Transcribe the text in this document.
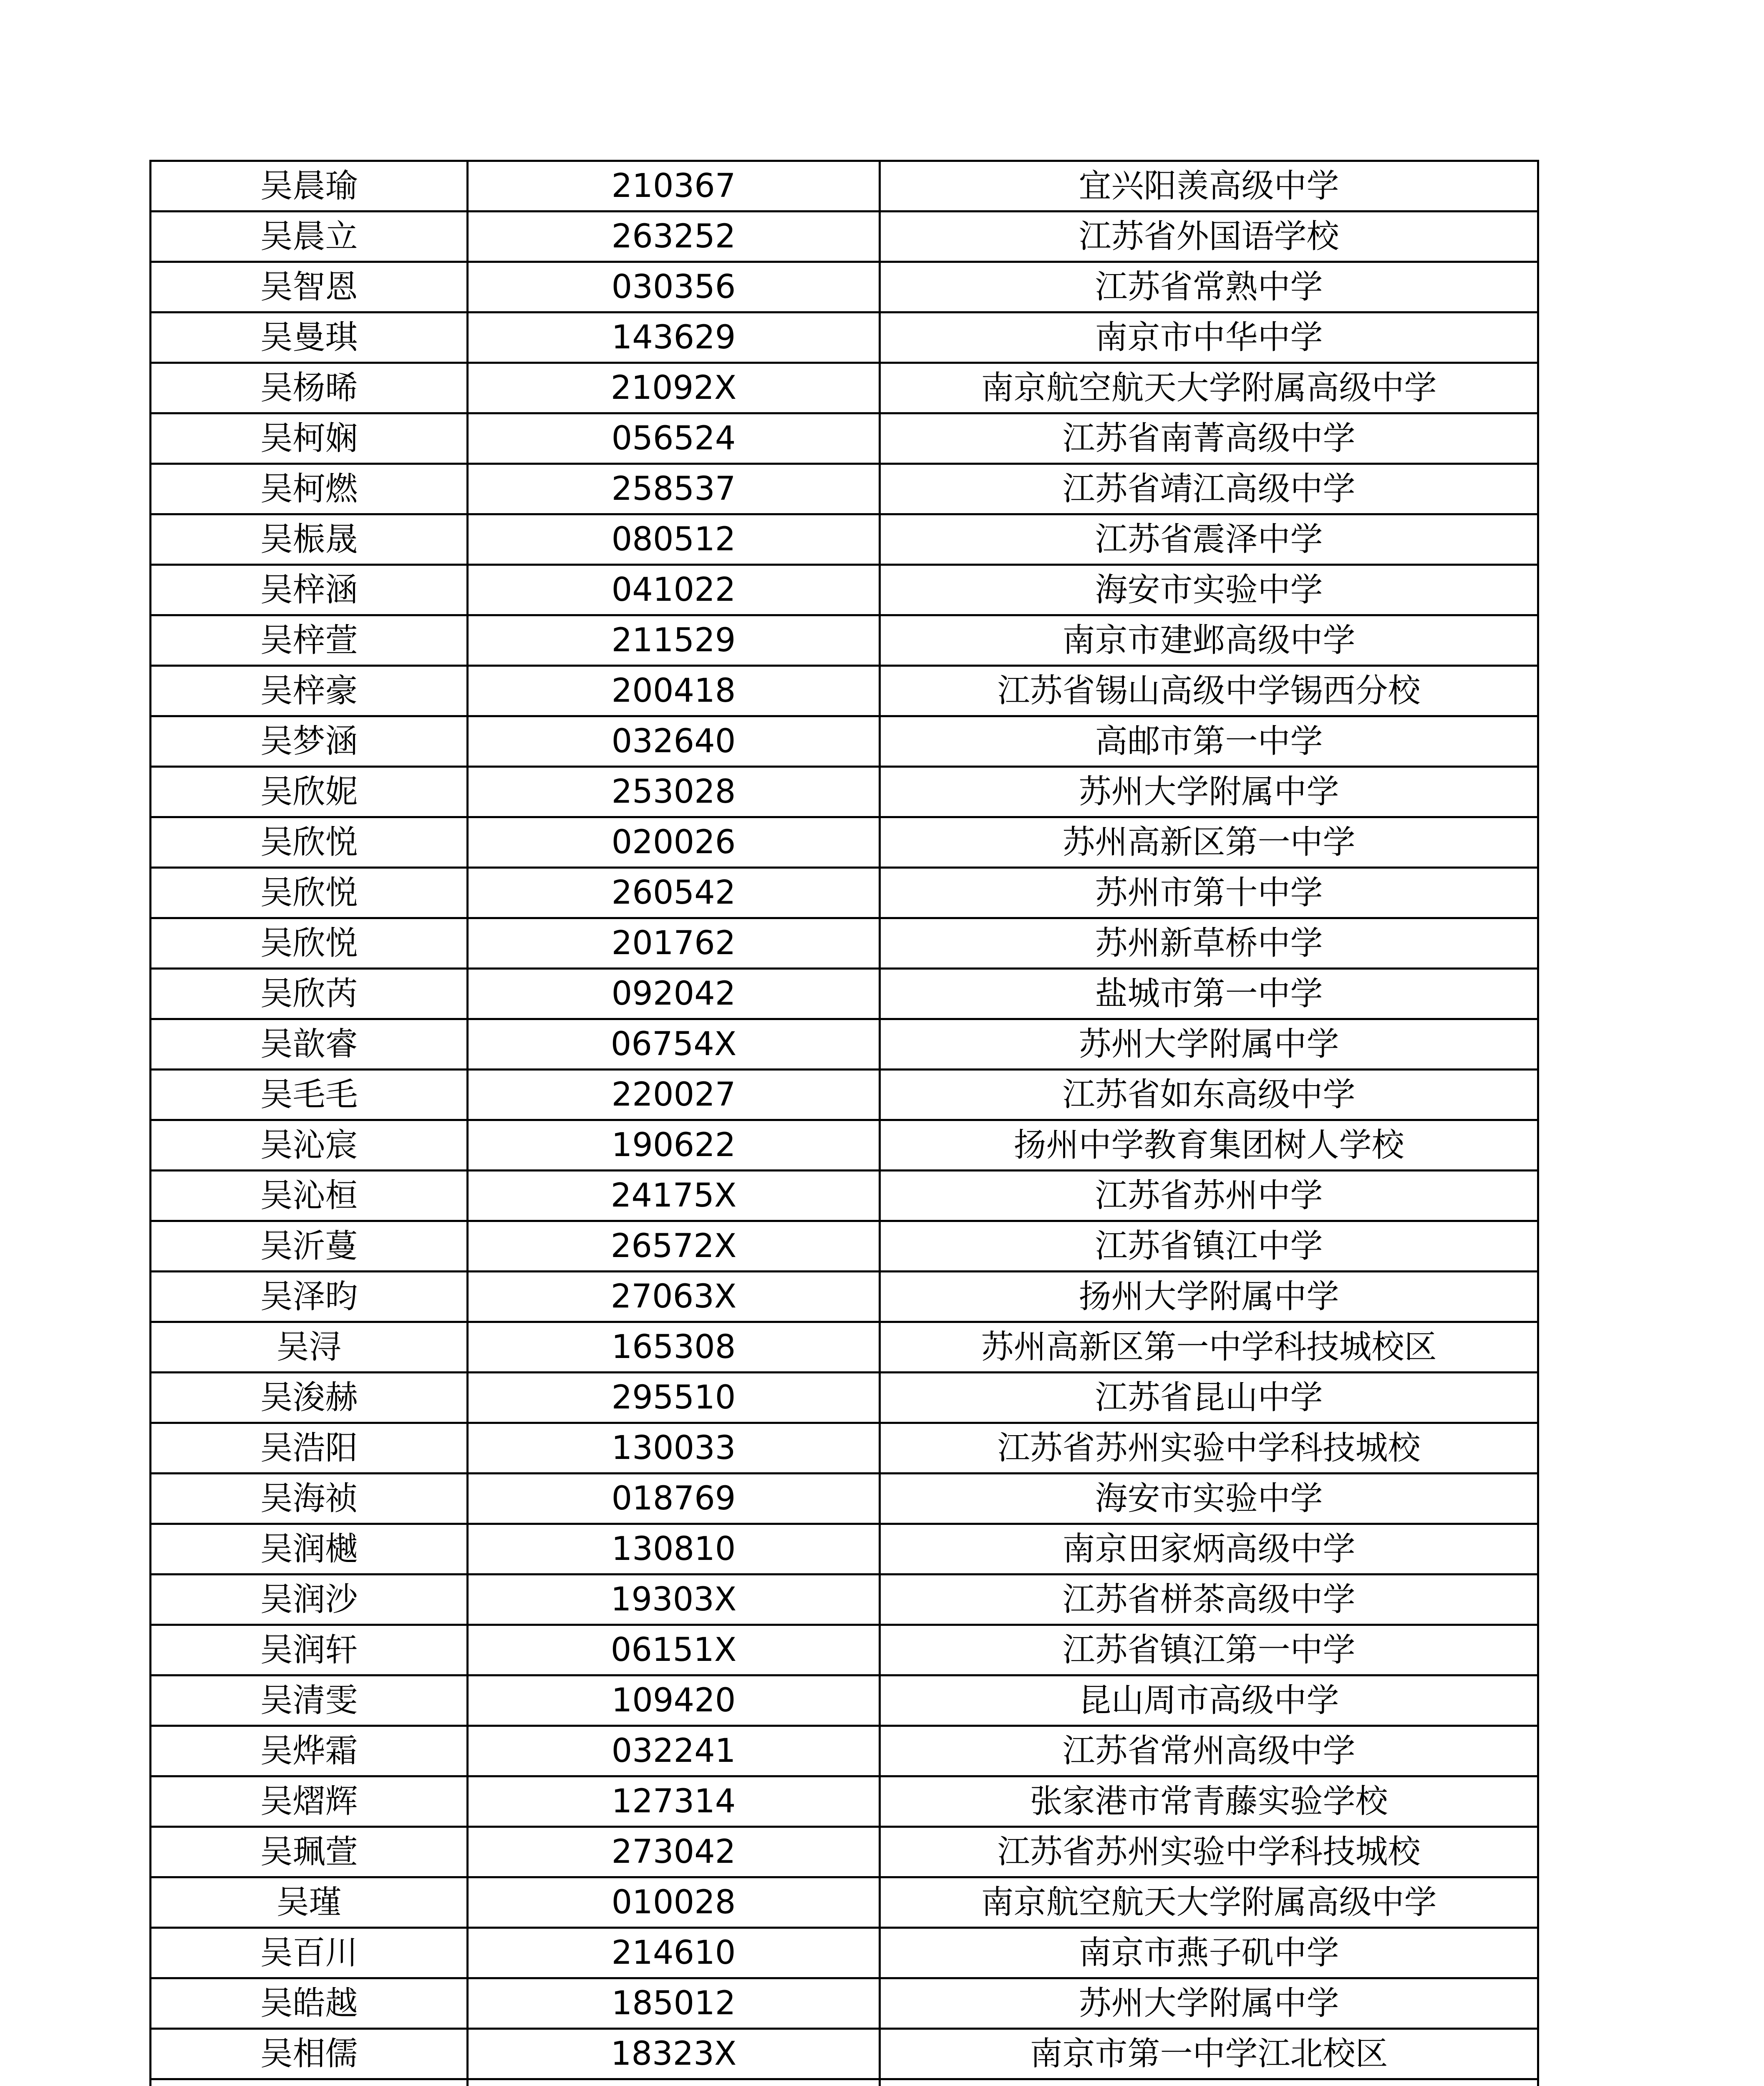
吴晨瑜	210367	宜兴阳羡高级中学
吴晨立	263252	江苏省外国语学校
吴智恩	030356	江苏省常熟中学
吴曼琪	143629	南京市中华中学
吴杨晞	21092X	南京航空航天大学附属高级中学
吴柯娴	056524	江苏省南菁高级中学
吴柯燃	258537	江苏省靖江高级中学
吴桭晟	080512	江苏省震泽中学
吴梓涵	041022	海安市实验中学
吴梓萱	211529	南京市建邺高级中学
吴梓豪	200418	江苏省锡山高级中学锡西分校
吴梦涵	032640	高邮市第一中学
吴欣妮	253028	苏州大学附属中学
吴欣悦	020026	苏州高新区第一中学
吴欣悦	260542	苏州市第十中学
吴欣悦	201762	苏州新草桥中学
吴欣芮	092042	盐城市第一中学
吴歆睿	06754X	苏州大学附属中学
吴毛毛	220027	江苏省如东高级中学
吴沁宸	190622	扬州中学教育集团树人学校
吴沁桓	24175X	江苏省苏州中学
吴沂蔓	26572X	江苏省镇江中学
吴泽昀	27063X	扬州大学附属中学
吴浔	165308	苏州高新区第一中学科技城校区
吴浚赫	295510	江苏省昆山中学
吴浩阳	130033	江苏省苏州实验中学科技城校
吴海祯	018769	海安市实验中学
吴润樾	130810	南京田家炳高级中学
吴润沙	19303X	江苏省栟茶高级中学
吴润轩	06151X	江苏省镇江第一中学
吴清雯	109420	昆山周市高级中学
吴烨霜	032241	江苏省常州高级中学
吴熠辉	127314	张家港市常青藤实验学校
吴珮萱	273042	江苏省苏州实验中学科技城校
吴瑾	010028	南京航空航天大学附属高级中学
吴百川	214610	南京市燕子矶中学
吴皓越	185012	苏州大学附属中学
吴相儒	18323X	南京市第一中学江北校区
